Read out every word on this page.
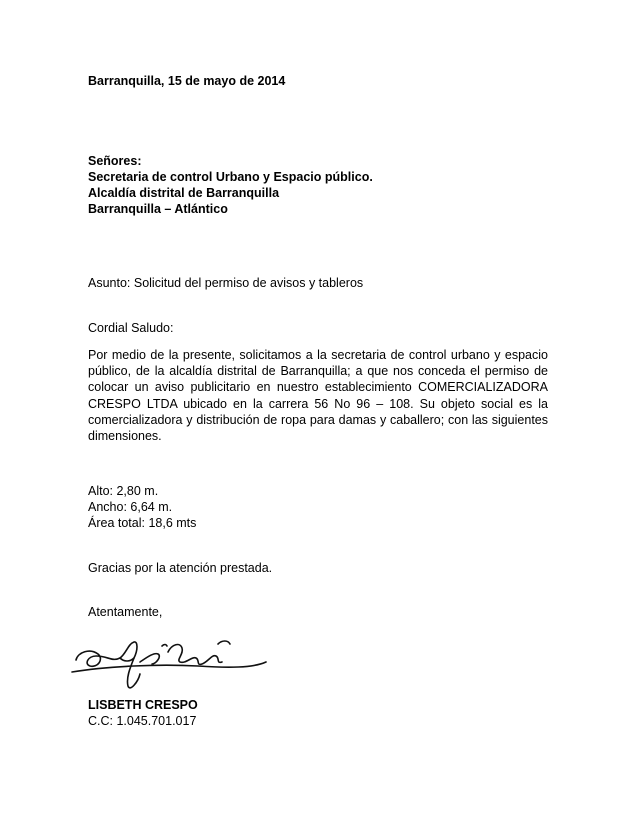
Barranquilla, 15 de mayo de 2014
Señores:
Secretaria de control Urbano y Espacio público.
Alcaldía distrital de Barranquilla
Barranquilla – Atlántico
Asunto: Solicitud del permiso de avisos y tableros
Cordial Saludo:
Por medio de la presente, solicitamos a la secretaria de control urbano y espacio público, de la alcaldía distrital de Barranquilla; a que nos conceda el permiso de colocar un aviso publicitario en nuestro establecimiento COMERCIALIZADORA CRESPO LTDA ubicado en la carrera 56 No 96 – 108. Su objeto social es la comercializadora y distribución de ropa para damas y caballero; con las siguientes dimensiones.
Alto: 2,80 m.
Ancho: 6,64 m.
Área total: 18,6 mts
Gracias por la atención prestada.
Atentamente,
LISBETH CRESPO
C.C: 1.045.701.017
